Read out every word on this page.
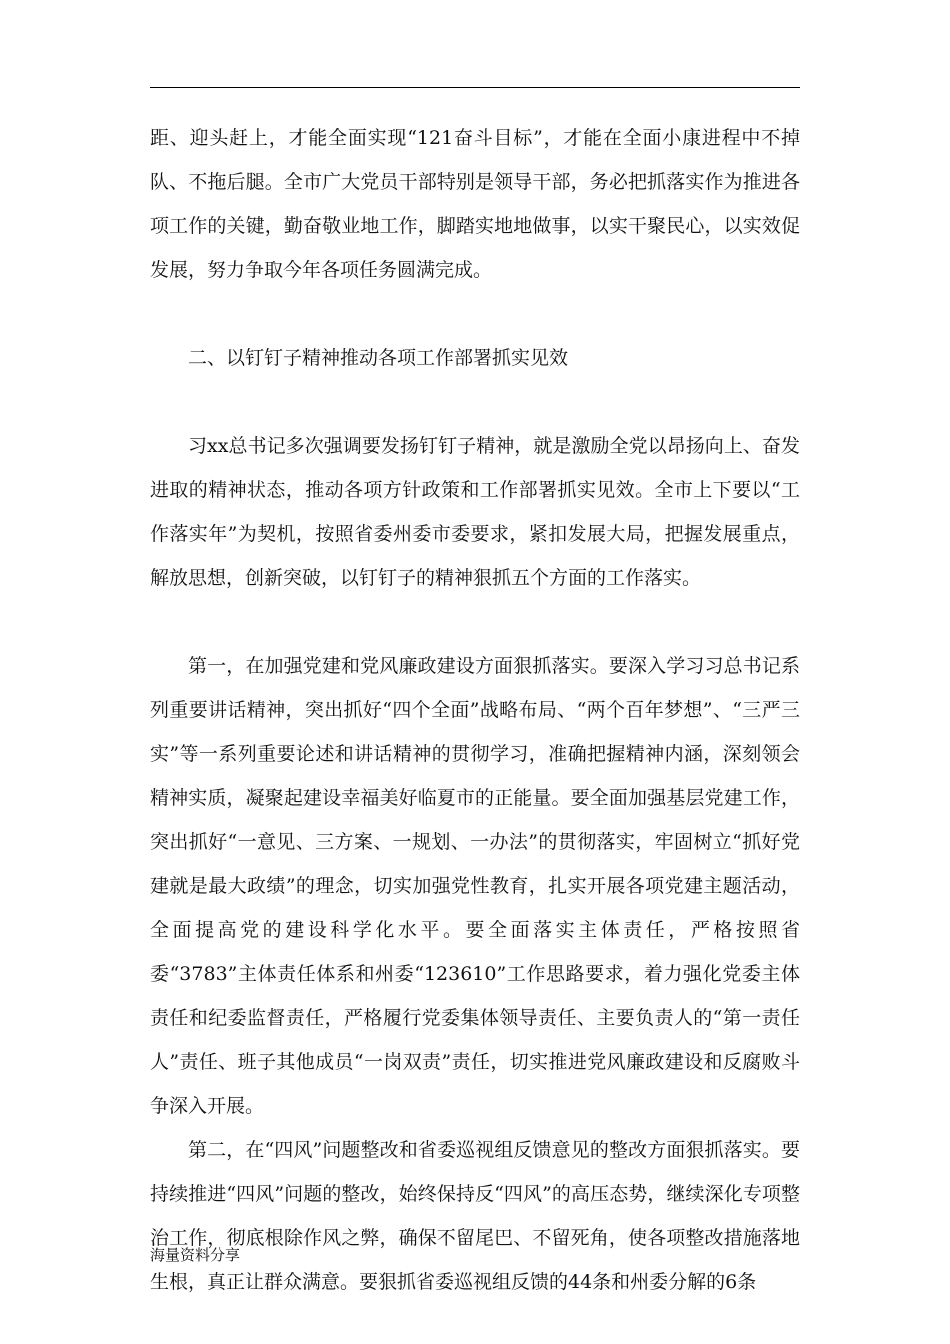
距、迎头赶上，才能全面实现“121奋斗目标”，才能在全面小康进程中不掉队、不拖后腿。全市广大党员干部特别是领导干部，务必把抓落实作为推进各项工作的关键，勤奋敬业地工作，脚踏实地地做事，以实干聚民心，以实效促发展，努力争取今年各项任务圆满完成。

二、以钉钉子精神推动各项工作部署抓实见效

习xx总书记多次强调要发扬钉钉子精神，就是激励全党以昂扬向上、奋发进取的精神状态，推动各项方针政策和工作部署抓实见效。全市上下要以“工作落实年”为契机，按照省委州委市委要求，紧扣发展大局，把握发展重点，解放思想，创新突破，以钉钉子的精神狠抓五个方面的工作落实。

第一，在加强党建和党风廉政建设方面狠抓落实。要深入学习习总书记系列重要讲话精神，突出抓好“四个全面”战略布局、“两个百年梦想”、“三严三实”等一系列重要论述和讲话精神的贯彻学习，准确把握精神内涵，深刻领会精神实质，凝聚起建设幸福美好临夏市的正能量。要全面加强基层党建工作，突出抓好“一意见、三方案、一规划、一办法”的贯彻落实，牢固树立“抓好党建就是最大政绩”的理念，切实加强党性教育，扎实开展各项党建主题活动，全面提高党的建设科学化水平。要全面落实主体责任，严格按照省委“3783”主体责任体系和州委“123610”工作思路要求，着力强化党委主体责任和纪委监督责任，严格履行党委集体领导责任、主要负责人的“第一责任人”责任、班子其他成员“一岗双责”责任，切实推进党风廉政建设和反腐败斗争深入开展。

第二，在“四风”问题整改和省委巡视组反馈意见的整改方面狠抓落实。要持续推进“四风”问题的整改，始终保持反“四风”的高压态势，继续深化专项整治工作，彻底根除作风之弊，确保不留尾巴、不留死角，使各项整改措施落地生根，真正让群众满意。要狠抓省委巡视组反馈的44条和州委分解的6条

海量资料分享
